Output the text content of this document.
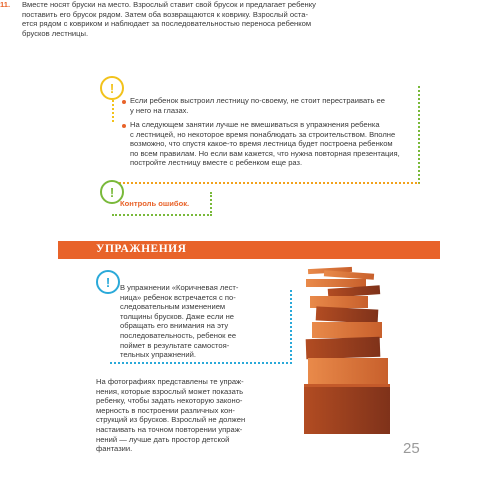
11. Вместе носят бруски на место. Взрослый ставит свой брусок и предлагает ребенку
поставить его брусок рядом. Затем оба возвращаются к коврику. Взрослый оста-
ется рядом с ковриком и наблюдает за последовательностью переноса ребенком
брусков лестницы.
!
Если ребенок выстроил лестницу по-своему, не стоит перестраивать ее
у него на глазах.
На следующем занятии лучше не вмешиваться в упражнения ребенка
с лестницей, но некоторое время понаблюдать за строительством. Вполне
возможно, что спустя какое-то время лестница будет построена ребенком
по всем правилам. Но если вам кажется, что нужна повторная презентация,
постройте лестницу вместе с ребенком еще раз.
!
Контроль ошибок.
УПРАЖНЕНИЯ
!	В упражнении «Коричневая лест-
ница» ребенок встречается с по-
следовательным изменением
толщины брусков. Даже если не
обращать его внимания на эту
последовательность, ребенок ее
поймет в результате самостоя-
тельных упражнений.
На фотографиях представлены те упраж-
нения, которые взрослый может показать
ребенку, чтобы задать некоторую законо-
мерность в построении различных кон-
струкций из брусков. Взрослый не должен
настаивать на точном повторении упраж-
нений — лучше дать простор детской
фантазии.	25
